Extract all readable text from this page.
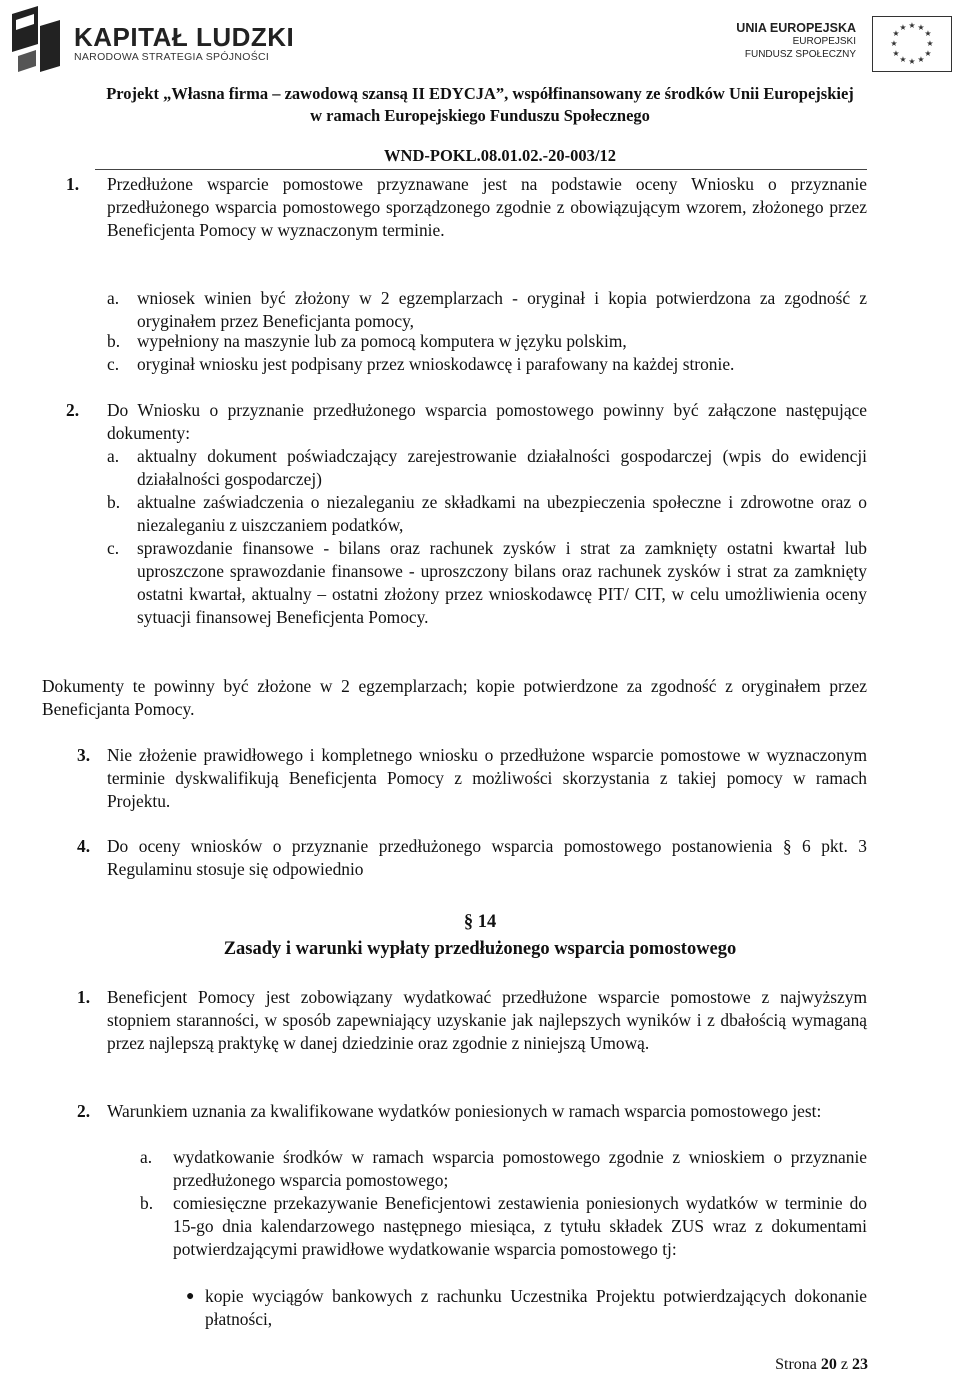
KAPITAŁ LUDZKI
NARODOWA STRATEGIA SPÓJNOŚCI
UNIA EUROPEJSKA
EUROPEJSKI
FUNDUSZ SPOŁECZNY
★ ★
★
★
★
★
★
★
★
★
★
★
Projekt „Własna firma – zawodową szansą II EDYCJA”, współfinansowany ze środków Unii Europejskiej
w ramach Europejskiego Funduszu Społecznego
WND-POKL.08.01.02.-20-003/12
1. Przedłużone wsparcie pomostowe przyznawane jest na podstawie oceny Wniosku o przyznanie przedłużonego wsparcia pomostowego sporządzonego zgodnie z obowiązującym wzorem, złożonego przez Beneficjenta Pomocy w wyznaczonym terminie.
a. wniosek winien być złożony w 2 egzemplarzach - oryginał i kopia potwierdzona za zgodność z oryginałem przez Beneficjanta pomocy,
b. wypełniony na maszynie lub za pomocą komputera w języku polskim,
c. oryginał wniosku jest podpisany przez wnioskodawcę i parafowany na każdej stronie.
2. Do Wniosku o przyznanie przedłużonego wsparcia pomostowego powinny być załączone następujące dokumenty:
a. aktualny dokument poświadczający zarejestrowanie działalności gospodarczej (wpis do ewidencji działalności gospodarczej)
b. aktualne zaświadczenia o niezaleganiu ze składkami na ubezpieczenia społeczne i zdrowotne oraz o niezaleganiu z uiszczaniem podatków,
c. sprawozdanie finansowe - bilans oraz rachunek zysków i strat za zamknięty ostatni kwartał lub uproszczone sprawozdanie finansowe - uproszczony bilans oraz rachunek zysków i strat za zamknięty ostatni kwartał, aktualny – ostatni złożony przez wnioskodawcę PIT/ CIT, w celu umożliwienia oceny sytuacji finansowej Beneficjenta Pomocy.
Dokumenty te powinny być złożone w 2 egzemplarzach; kopie potwierdzone za zgodność z oryginałem przez Beneficjanta Pomocy.
3. Nie złożenie prawidłowego i kompletnego wniosku o przedłużone wsparcie pomostowe w wyznaczonym terminie dyskwalifikują Beneficjenta Pomocy z możliwości skorzystania z takiej pomocy w ramach Projektu.
4. Do oceny wniosków o przyznanie przedłużonego wsparcia pomostowego postanowienia § 6 pkt. 3 Regulaminu stosuje się odpowiednio
§ 14
Zasady i warunki wypłaty przedłużonego wsparcia pomostowego
1. Beneficjent Pomocy jest zobowiązany wydatkować przedłużone wsparcie pomostowe z najwyższym stopniem staranności, w sposób zapewniający uzyskanie jak najlepszych wyników i z dbałością wymaganą przez najlepszą praktykę w danej dziedzinie oraz zgodnie z niniejszą Umową.
2. Warunkiem uznania za kwalifikowane wydatków poniesionych w ramach wsparcia pomostowego jest:
a. wydatkowanie środków w ramach wsparcia pomostowego zgodnie z wnioskiem o przyznanie przedłużonego wsparcia pomostowego;
b. comiesięczne przekazywanie Beneficjentowi zestawienia poniesionych wydatków w terminie do 15-go dnia kalendarzowego następnego miesiąca, z tytułu składek ZUS wraz z dokumentami potwierdzającymi prawidłowe wydatkowanie wsparcia pomostowego tj:
● kopie wyciągów bankowych z rachunku Uczestnika Projektu potwierdzających dokonanie płatności,
Strona 20 z 23
